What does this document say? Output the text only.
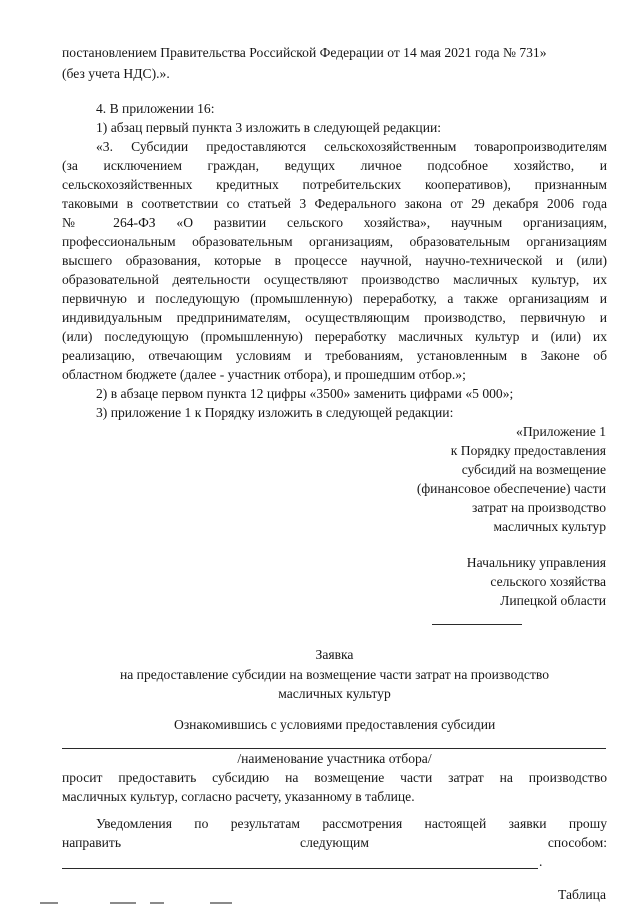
постановлением Правительства Российской Федерации от 14 мая 2021 года № 731»
(без учета НДС).».
4. В приложении 16:
1) абзац первый пункта 3 изложить в следующей редакции:
«3. Субсидии предоставляются сельскохозяйственным товаропроизводителям
(за исключением граждан, ведущих личное подсобное хозяйство, и
сельскохозяйственных кредитных потребительских кооперативов), признанным
таковыми в соответствии со статьей 3 Федерального закона от 29 декабря 2006 года
№ 264-ФЗ «О развитии сельского хозяйства», научным организациям,
профессиональным образовательным организациям, образовательным организациям
высшего образования, которые в процессе научной, научно-технической и (или)
образовательной деятельности осуществляют производство масличных культур, их
первичную и последующую (промышленную) переработку, а также организациям и
индивидуальным предпринимателям, осуществляющим производство, первичную и
(или) последующую (промышленную) переработку масличных культур и (или) их
реализацию, отвечающим условиям и требованиям, установленным в Законе об
областном бюджете (далее - участник отбора), и прошедшим отбор.»;
2) в абзаце первом пункта 12 цифры «3500» заменить цифрами «5 000»;
3) приложение 1 к Порядку изложить в следующей редакции:
«Приложение 1
к Порядку предоставления
субсидий на возмещение
(финансовое обеспечение) части
затрат на производство
масличных культур
Начальнику управления
сельского хозяйства
Липецкой области
Заявка
на предоставление субсидии на возмещение части затрат на производство
масличных культур
Ознакомившись с условиями предоставления субсидии
/наименование участника отбора/
просит предоставить субсидию на возмещение части затрат на производство
масличных культур, согласно расчету, указанному в таблице.
Уведомления по результатам рассмотрения настоящей заявки прошу
направить следующим способом:
.
Таблица
